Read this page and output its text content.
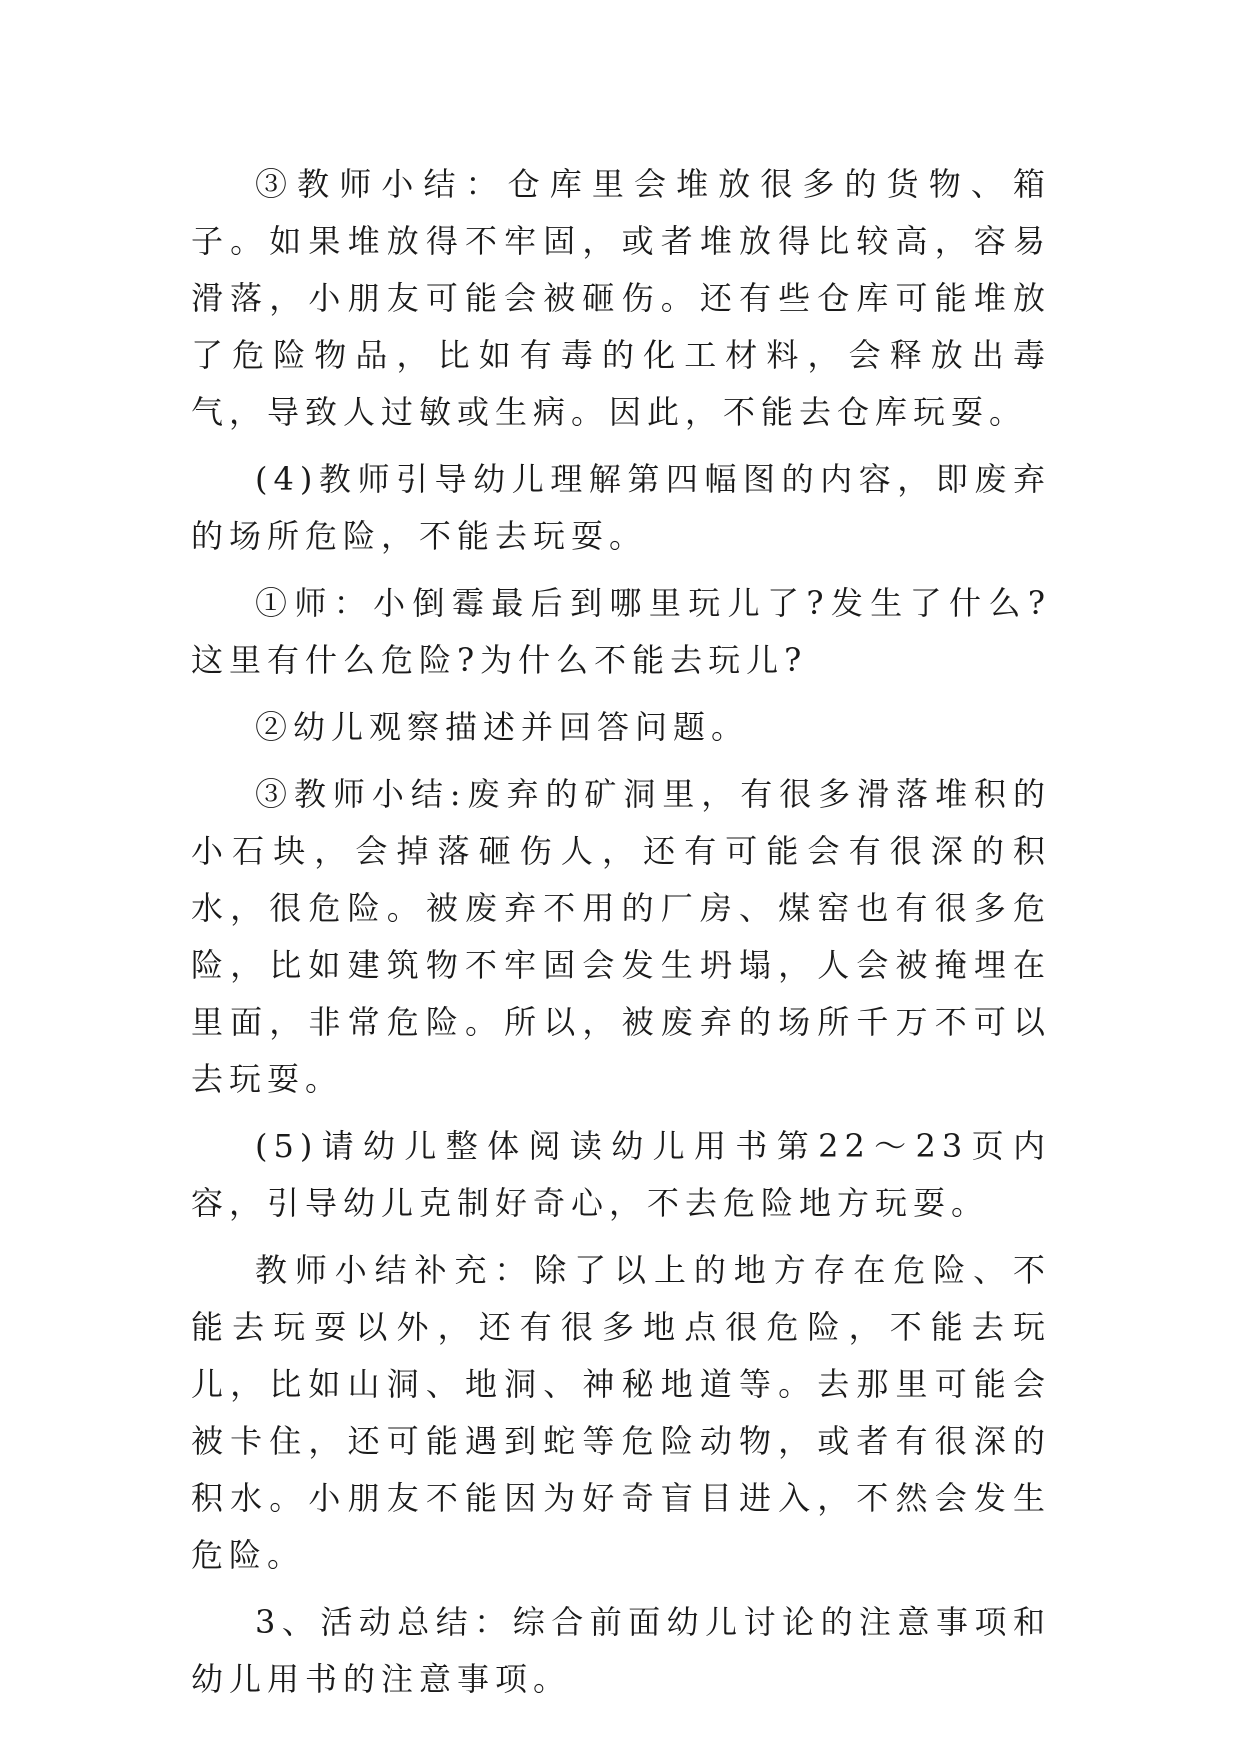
③教师小结：仓库里会堆放很多的货物、箱子。如果堆放得不牢固，或者堆放得比较高，容易滑落，小朋友可能会被砸伤。还有些仓库可能堆放了危险物品，比如有毒的化工材料，会释放出毒气，导致人过敏或生病。因此，不能去仓库玩耍。

(4)教师引导幼儿理解第四幅图的内容，即废弃的场所危险，不能去玩耍。

①师：小倒霉最后到哪里玩儿了?发生了什么?这里有什么危险?为什么不能去玩儿?

②幼儿观察描述并回答问题。

③教师小结:废弃的矿洞里，有很多滑落堆积的小石块，会掉落砸伤人，还有可能会有很深的积水，很危险。被废弃不用的厂房、煤窑也有很多危险，比如建筑物不牢固会发生坍塌，人会被掩埋在里面，非常危险。所以，被废弃的场所千万不可以去玩耍。

(5)请幼儿整体阅读幼儿用书第22～23页内容，引导幼儿克制好奇心，不去危险地方玩耍。

教师小结补充：除了以上的地方存在危险、不能去玩耍以外，还有很多地点很危险，不能去玩儿，比如山洞、地洞、神秘地道等。去那里可能会被卡住，还可能遇到蛇等危险动物，或者有很深的积水。小朋友不能因为好奇盲目进入，不然会发生危险。

3、活动总结：综合前面幼儿讨论的注意事项和幼儿用书的注意事项。
